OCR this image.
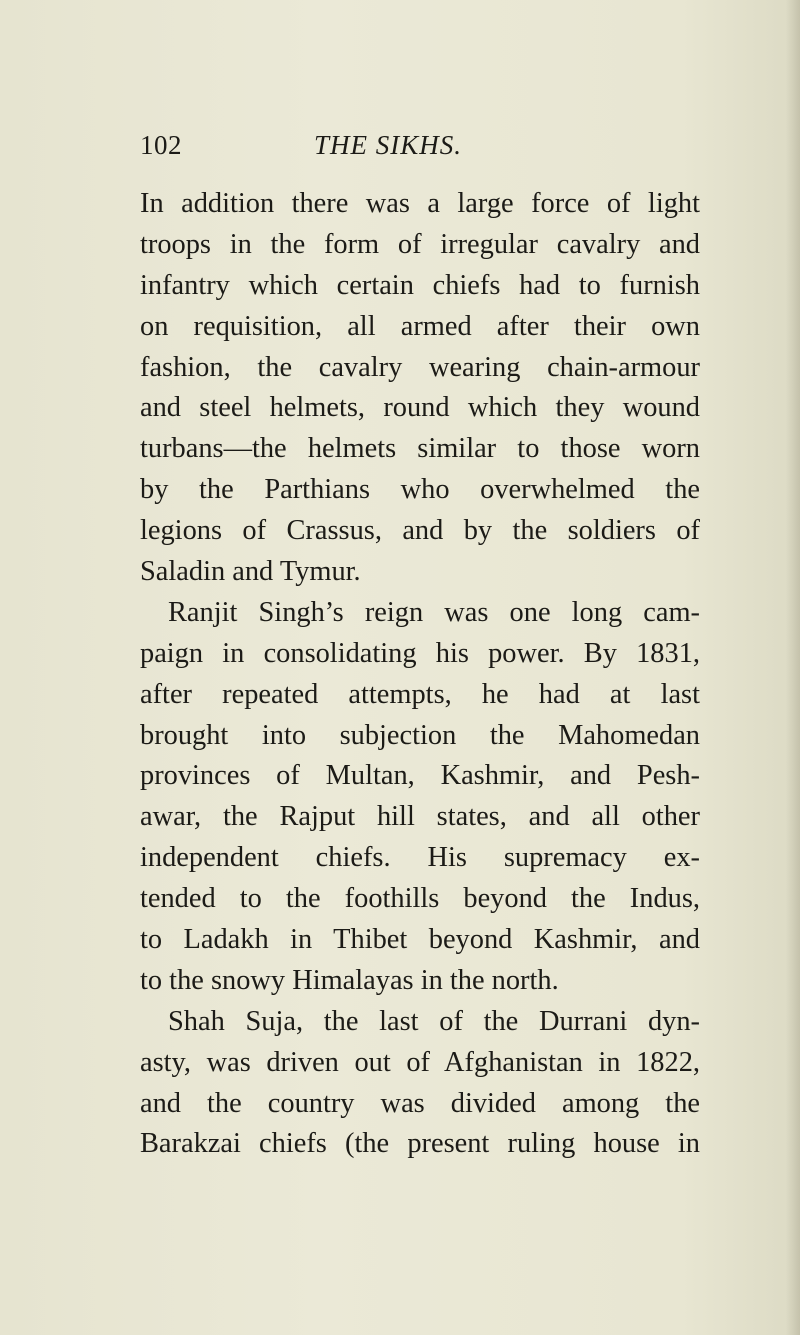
102	THE SIKHS.
In addition there was a large force of light
troops in the form of irregular cavalry and
infantry which certain chiefs had to furnish
on requisition, all armed after their own
fashion, the cavalry wearing chain-armour
and steel helmets, round which they wound
turbans—the helmets similar to those worn
by the Parthians who overwhelmed the
legions of Crassus, and by the soldiers of
Saladin and Tymur.
Ranjit Singh’s reign was one long cam-
paign in consolidating his power. By 1831,
after repeated attempts, he had at last
brought into subjection the Mahomedan
provinces of Multan, Kashmir, and Pesh-
awar, the Rajput hill states, and all other
independent chiefs. His supremacy ex-
tended to the foothills beyond the Indus,
to Ladakh in Thibet beyond Kashmir, and
to the snowy Himalayas in the north.
Shah Suja, the last of the Durrani dyn-
asty, was driven out of Afghanistan in 1822,
and the country was divided among the
Barakzai chiefs (the present ruling house in
